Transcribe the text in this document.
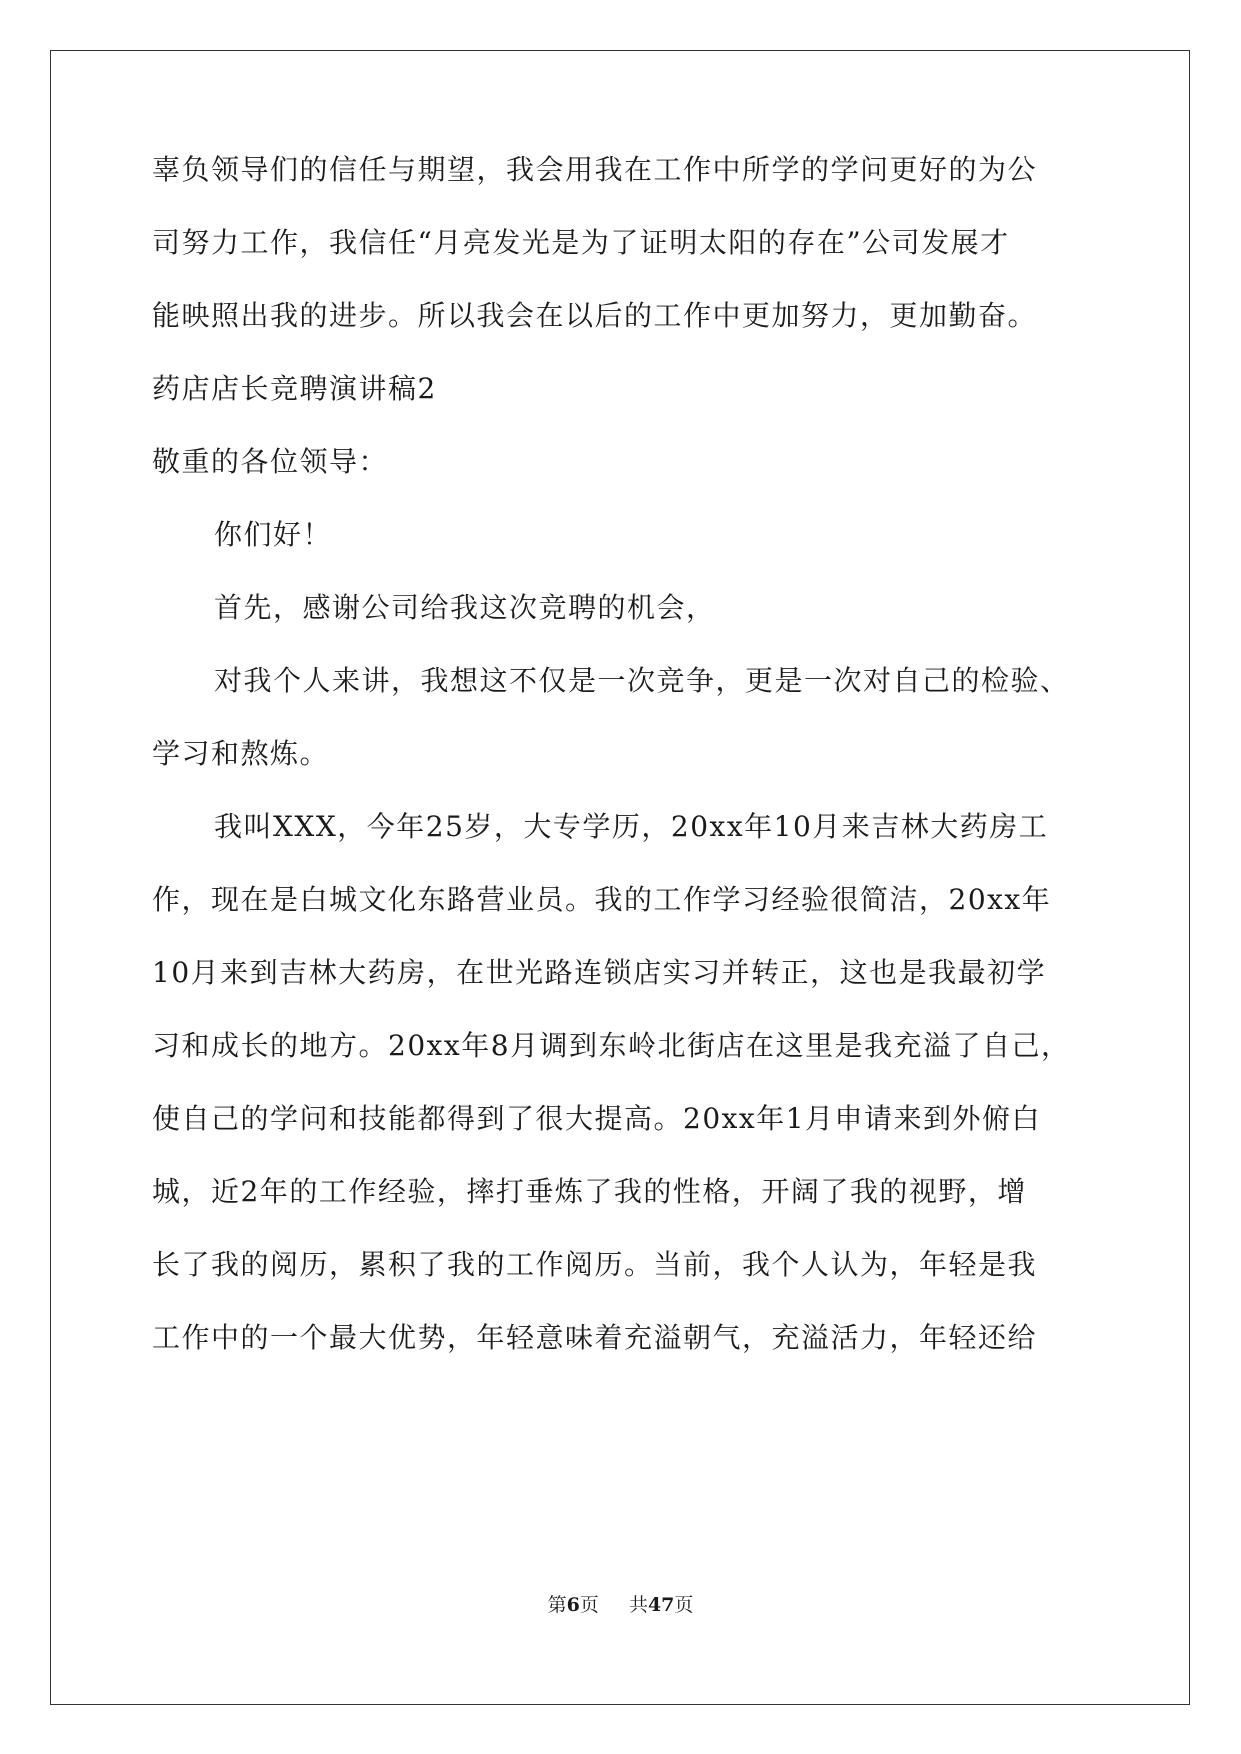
辜负领导们的信任与期望，我会用我在工作中所学的学问更好的为公
司努力工作，我信任“月亮发光是为了证明太阳的存在”公司发展才
能映照出我的进步。所以我会在以后的工作中更加努力，更加勤奋。
药店店长竞聘演讲稿2
敬重的各位领导：
你们好！
首先，感谢公司给我这次竞聘的机会，
对我个人来讲，我想这不仅是一次竞争，更是一次对自己的检验、
学习和熬炼。
我叫XXX，今年25岁，大专学历，20xx年10月来吉林大药房工
作，现在是白城文化东路营业员。我的工作学习经验很简洁，20xx年
10月来到吉林大药房，在世光路连锁店实习并转正，这也是我最初学
习和成长的地方。20xx年8月调到东岭北街店在这里是我充溢了自己，
使自己的学问和技能都得到了很大提高。20xx年1月申请来到外俯白
城，近2年的工作经验，摔打垂炼了我的性格，开阔了我的视野，增
长了我的阅历，累积了我的工作阅历。当前，我个人认为，年轻是我
工作中的一个最大优势，年轻意味着充溢朝气，充溢活力，年轻还给
第6页 共47页
